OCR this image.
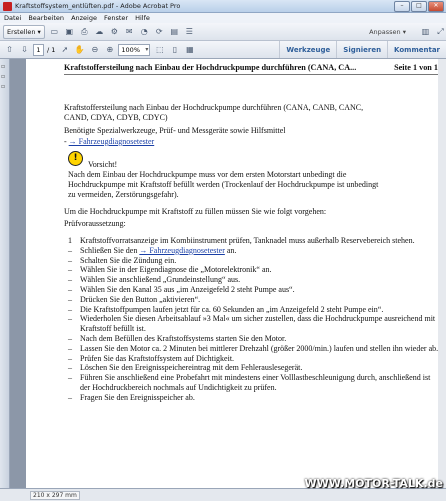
Kraftstoffsystem_entlüften.pdf - Adobe Acrobat Pro	–	□	✕
Datei Bearbeiten Anzeige Fenster Hilfe
Erstellen ▾ ▭ ▣ ⎙ ☁ ⚙ ✉ ◔ ⟳ ▤ ☰	Anpassen ▾ ▥ ⤢
⇧ ⇩	1 / 1 ➚ ✋ ⊖ ⊕	100% ▾	⬚	▯	▦	Werkzeuge	Signieren	Kommentar
▫
▫
▫
Kraftstoffersteilung nach Einbau der Hochdruckpumpe durchführen (CANA, CA...	Seite 1 von 1
Kraftstoffersteilung nach Einbau der Hochdruckpumpe durchführen (CANA, CANB, CANC,
CAND, CDYA, CDYB, CDYC)
Benötigte Spezialwerkzeuge, Prüf- und Messgeräte sowie Hilfsmittel
- → Fahrzeugdiagnosetester
!
Vorsicht!
Nach dem Einbau der Hochdruckpumpe muss vor dem ersten Motorstart unbedingt die
Hochdruckpumpe mit Kraftstoff befüllt werden (Trockenlauf der Hochdruckpumpe ist unbedingt
zu vermeiden, Zerstörungsgefahr).
Um die Hochdruckpumpe mit Kraftstoff zu füllen müssen Sie wie folgt vorgehen:
Prüfvoraussetzung:
1	Kraftstoffvorratsanzeige im Kombiinstrument prüfen, Tanknadel muss außerhalb Reservebereich stehen.
–	Schließen Sie den → Fahrzeugdiagnosetester an.
–	Schalten Sie die Zündung ein.
–	Wählen Sie in der Eigendiagnose die „Motorelektronik“ an.
–	Wählen Sie anschließend „Grundeinstellung“ aus.
–	Wählen Sie den Kanal 35 aus „im Anzeigefeld 2 steht Pumpe aus“.
–	Drücken Sie den Button „aktivieren“.
–	Die Kraftstoffpumpen laufen jetzt für ca. 60 Sekunden an „im Anzeigefeld 2 steht Pumpe ein“.
–	Wiederholen Sie diesen Arbeitsablauf »3 Mal« um sicher zustellen, dass die Hochdruckpumpe ausreichend mit Kraftstoff befüllt ist.
–	Nach dem Befüllen des Kraftstoffsystems starten Sie den Motor.
–	Lassen Sie den Motor ca. 2 Minuten bei mittlerer Drehzahl (größer 2000/min.) laufen und stellen ihn wieder ab.
–	Prüfen Sie das Kraftstoffsystem auf Dichtigkeit.
–	Löschen Sie den Ereignisspeichereintrag mit dem Fehlerauslesegerät.
–	Führen Sie anschließend eine Probefahrt mit mindestens einer Volllastbeschleunigung durch, anschließend ist der Hochdruckbereich nochmals auf Undichtigkeit zu prüfen.
–	Fragen Sie den Ereignisspeicher ab.
210 x 297 mm
WWW.MOTOR-TALK.de
